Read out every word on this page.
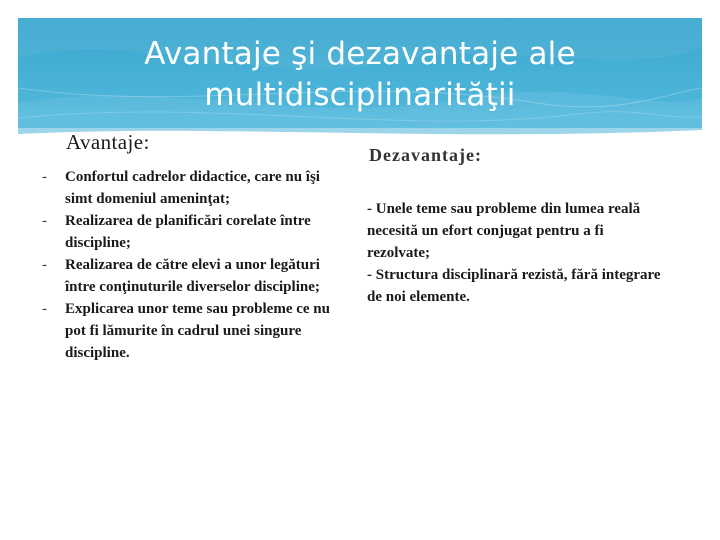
Avantaje şi dezavantaje ale multidisciplinarităţii
Avantaje:
Dezavantaje:
- Confortul cadrelor didactice, care nu îşi simt domeniul ameninţat;
- Realizarea de planificări corelate între discipline;
- Realizarea de către elevi a unor legături între conţinuturile diverselor discipline;
- Explicarea unor teme sau probleme ce nu pot fi lămurite în cadrul unei singure discipline.

- Unele teme sau probleme din lumea reală necesită un efort conjugat pentru a fi rezolvate;

- Structura disciplinară rezistă, fără integrare de noi elemente.
